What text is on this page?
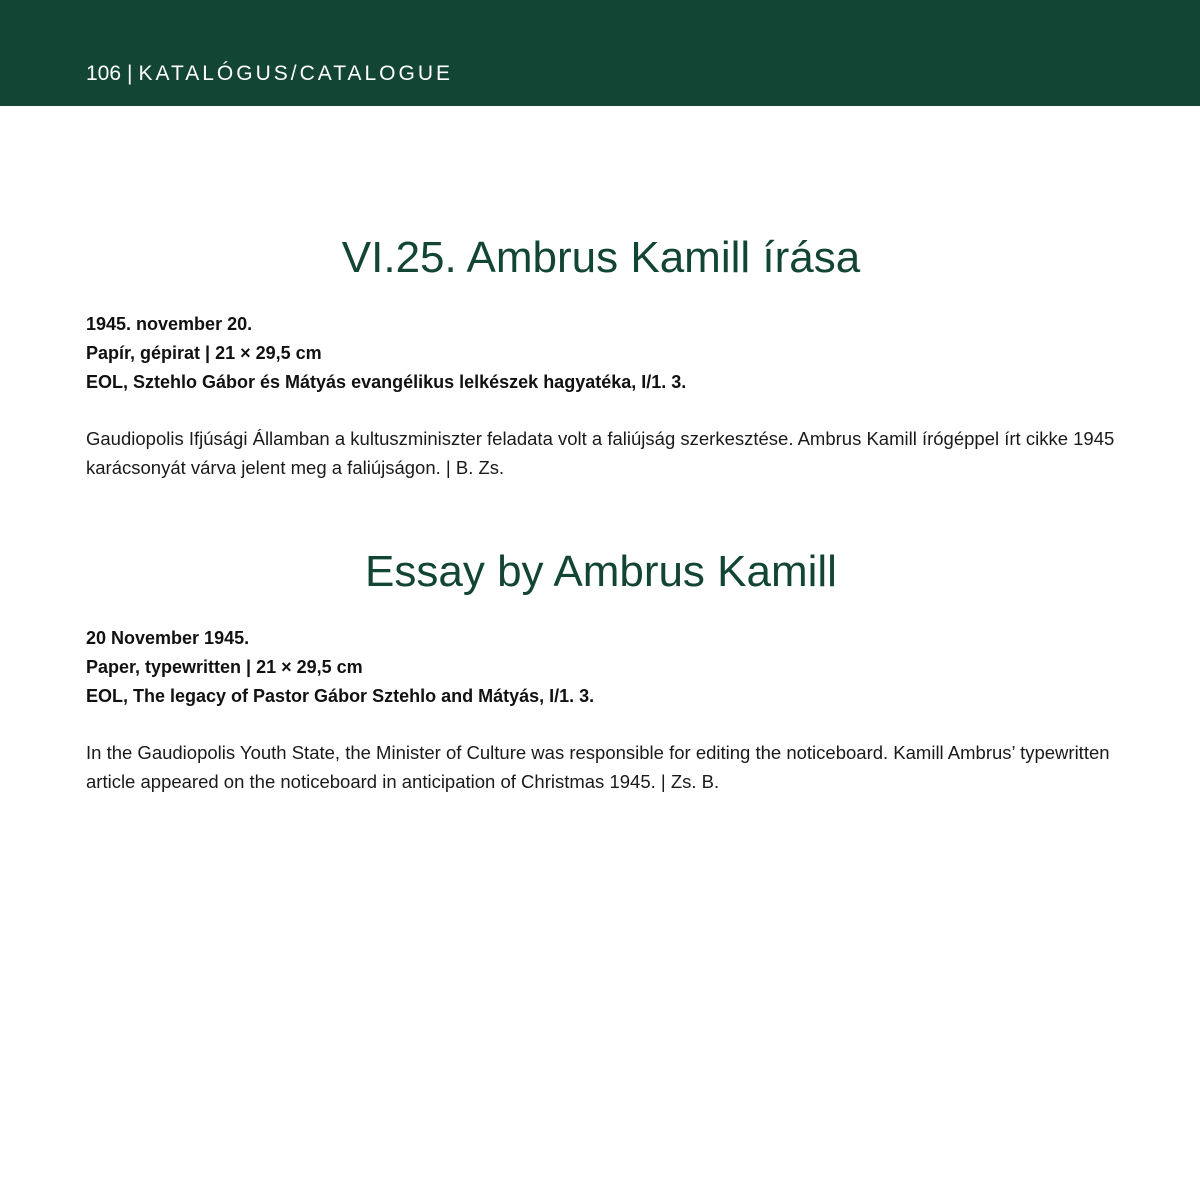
106 | KATALÓGUS/CATALOGUE
VI.25. Ambrus Kamill írása
1945. november 20.
Papír, gépirat | 21 × 29,5 cm
EOL, Sztehlo Gábor és Mátyás evangélikus lelkészek hagyatéka, I/1. 3.

Gaudiopolis Ifjúsági Államban a kultuszminiszter feladata volt a faliújság szerkesztése. Ambrus Kamill írógéppel írt cikke 1945 karácsonyát várva jelent meg a faliújságon. | B. Zs.

Essay by Ambrus Kamill
20 November 1945.
Paper, typewritten | 21 × 29,5 cm
EOL, The legacy of Pastor Gábor Sztehlo and Mátyás, I/1. 3.

In the Gaudiopolis Youth State, the Minister of Culture was responsible for editing the noticeboard. Kamill Ambrus’ typewritten article appeared on the noticeboard in anticipation of Christmas 1945. | Zs. B.
